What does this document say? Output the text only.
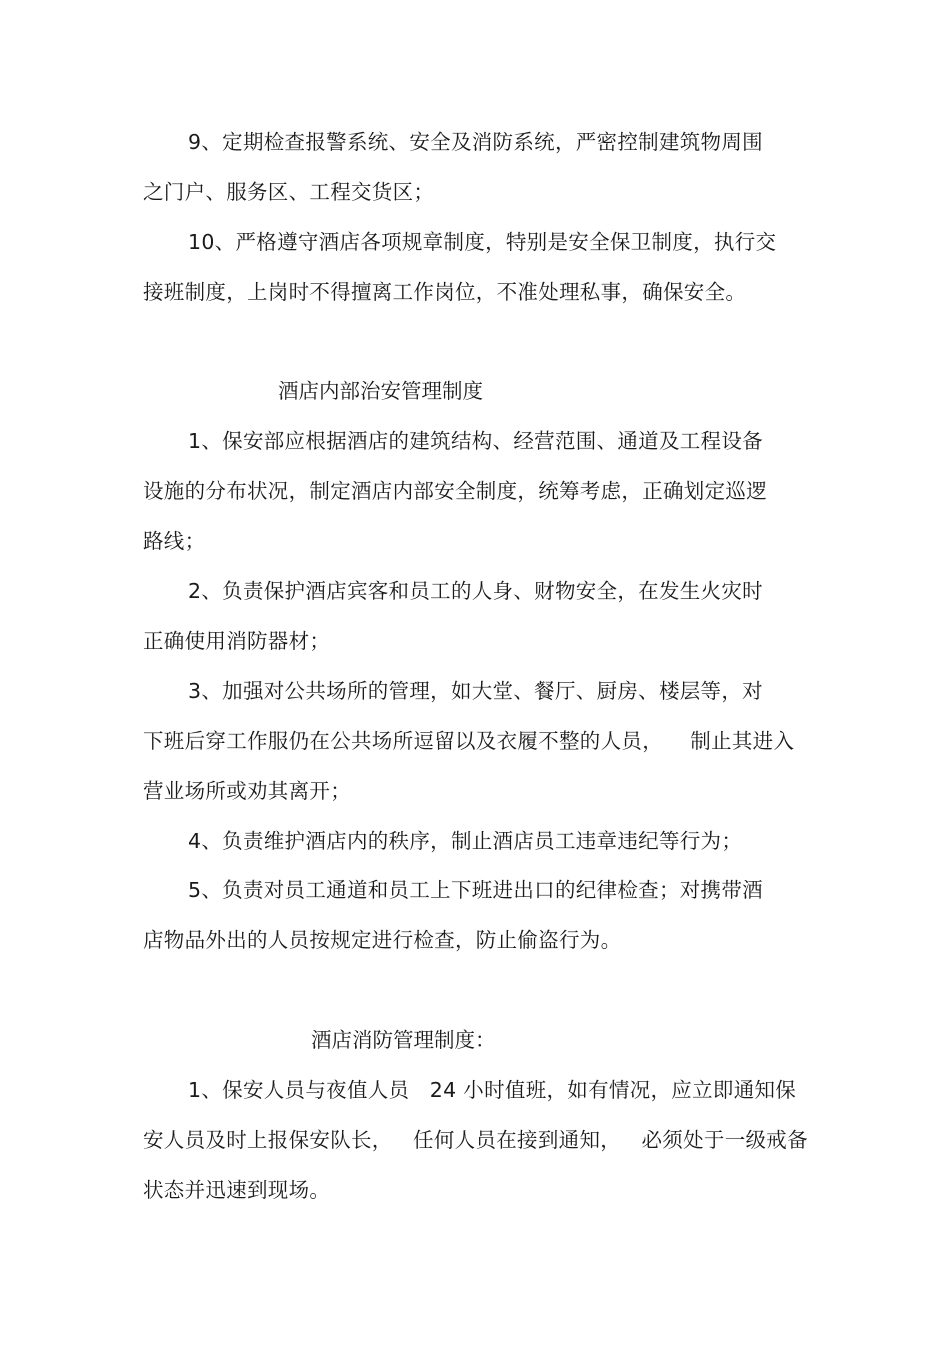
9、定期检查报警系统、安全及消防系统，严密控制建筑物周围
之门户、服务区、工程交货区；
10、严格遵守酒店各项规章制度，特别是安全保卫制度，执行交
接班制度，上岗时不得擅离工作岗位，不准处理私事，确保安全。
酒店内部治安管理制度
1、保安部应根据酒店的建筑结构、经营范围、通道及工程设备
设施的分布状况，制定酒店内部安全制度，统筹考虑，正确划定巡逻
路线；
2、负责保护酒店宾客和员工的人身、财物安全，在发生火灾时
正确使用消防器材；
3、加强对公共场所的管理，如大堂、餐厅、厨房、楼层等，对
下班后穿工作服仍在公共场所逗留以及衣履不整的人员，    制止其进入
营业场所或劝其离开；
4、负责维护酒店内的秩序，制止酒店员工违章违纪等行为；
5、负责对员工通道和员工上下班进出口的纪律检查；对携带酒
店物品外出的人员按规定进行检查，防止偷盗行为。
酒店消防管理制度：
1、保安人员与夜值人员   24 小时值班，如有情况，应立即通知保
安人员及时上报保安队长，   任何人员在接到通知，   必须处于一级戒备
状态并迅速到现场。
